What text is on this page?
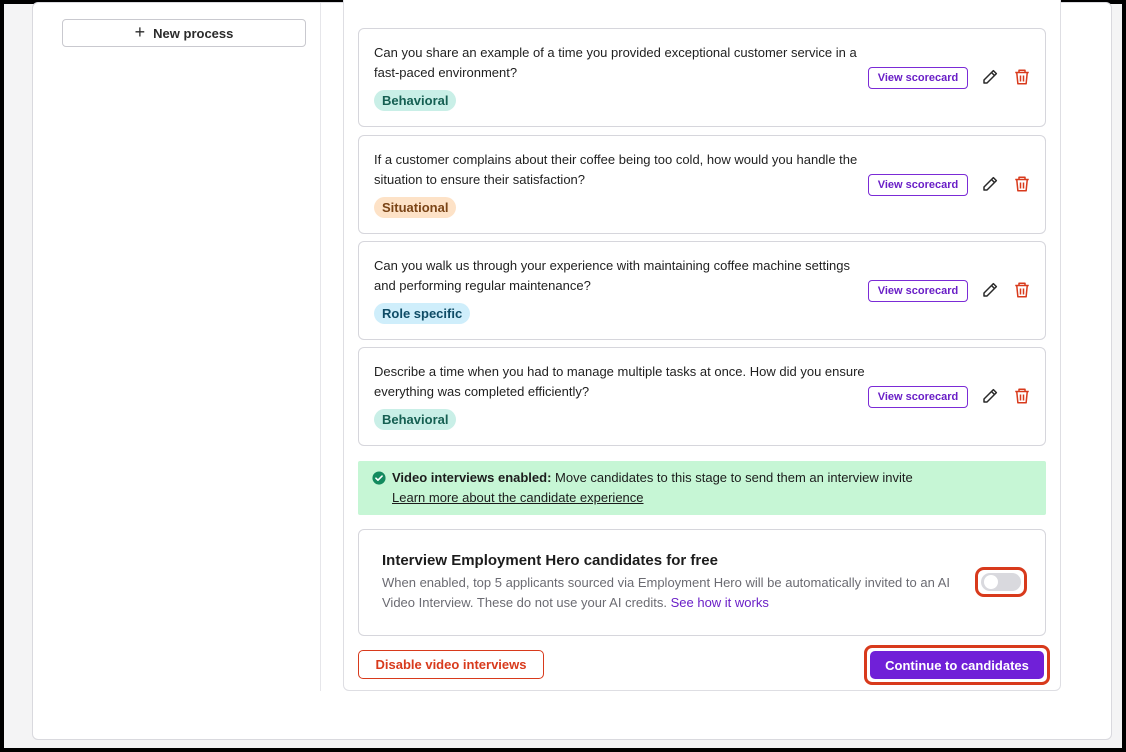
+ New process
Can you share an example of a time you provided exceptional customer service in a fast-paced environment?
Behavioral
View scorecard
If a customer complains about their coffee being too cold, how would you handle the situation to ensure their satisfaction?
Situational
View scorecard
Can you walk us through your experience with maintaining coffee machine settings and performing regular maintenance?
Role specific
View scorecard
Describe a time when you had to manage multiple tasks at once. How did you ensure everything was completed efficiently?
Behavioral
View scorecard
Video interviews enabled: Move candidates to this stage to send them an interview invite
Learn more about the candidate experience
Interview Employment Hero candidates for free
When enabled, top 5 applicants sourced via Employment Hero will be automatically invited to an AI Video Interview. These do not use your AI credits. See how it works
Disable video interviews	Continue to candidates
